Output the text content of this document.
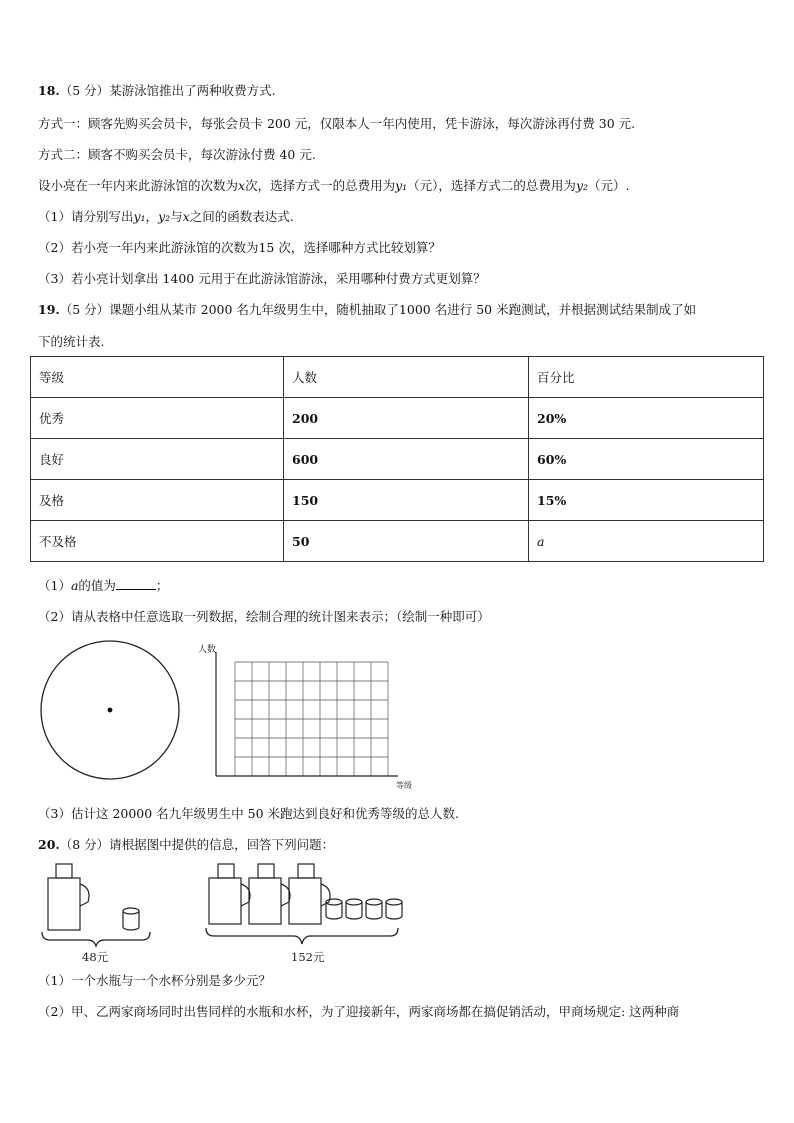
18.（5 分）某游泳馆推出了两种收费方式.
方式一：顾客先购买会员卡，每张会员卡 200 元，仅限本人一年内使用，凭卡游泳，每次游泳再付费 30 元.
方式二：顾客不购买会员卡，每次游泳付费 40 元.
设小亮在一年内来此游泳馆的次数为x次，选择方式一的总费用为y₁（元），选择方式二的总费用为y₂（元）.
（1）请分别写出y₁，y₂与x之间的函数表达式.
（2）若小亮一年内来此游泳馆的次数为15 次，选择哪种方式比较划算？
（3）若小亮计划拿出 1400 元用于在此游泳馆游泳，采用哪种付费方式更划算？
19.（5 分）课题小组从某市 2000 名九年级男生中，随机抽取了1000 名进行 50 米跑测试，并根据测试结果制成了如
下的统计表.
等级	人数	百分比
优秀	200	20%
良好	600	60%
及格	150	15%
不及格	50	a
（1）a的值为	；
（2）请从表格中任意选取一列数据，绘制合理的统计图来表示；（绘制一种即可）
人数
等级
（3）估计这 20000 名九年级男生中 50 米跑达到良好和优秀等级的总人数.
20.（8 分）请根据图中提供的信息，回答下列问题：
48元	152元
（1）一个水瓶与一个水杯分别是多少元？
（2）甲、乙两家商场同时出售同样的水瓶和水杯，为了迎接新年，两家商场都在搞促销活动，甲商场规定: 这两种商
